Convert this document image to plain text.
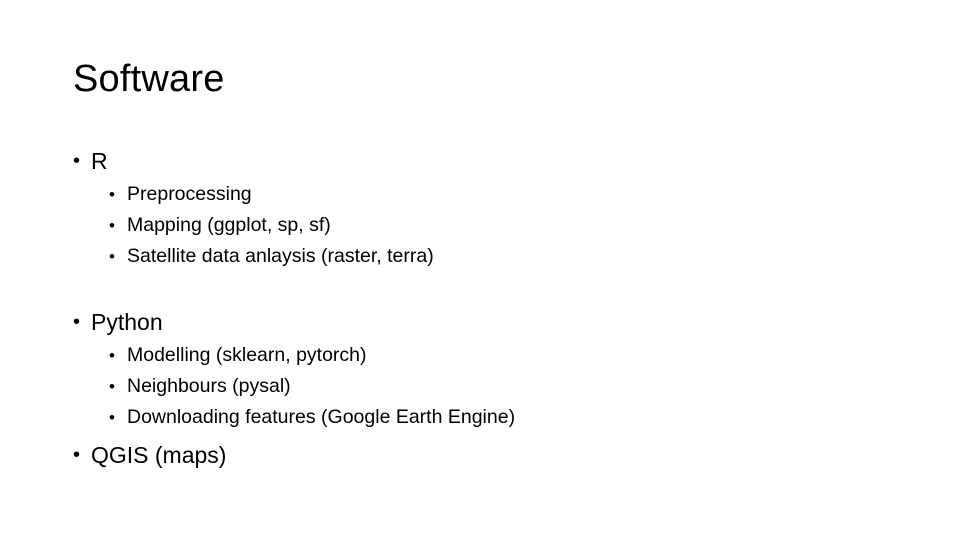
Software
• R
• Preprocessing
• Mapping (ggplot, sp, sf)
• Satellite data anlaysis (raster, terra)
• Python
• Modelling (sklearn, pytorch)
• Neighbours (pysal)
• Downloading features (Google Earth Engine)
• QGIS (maps)
